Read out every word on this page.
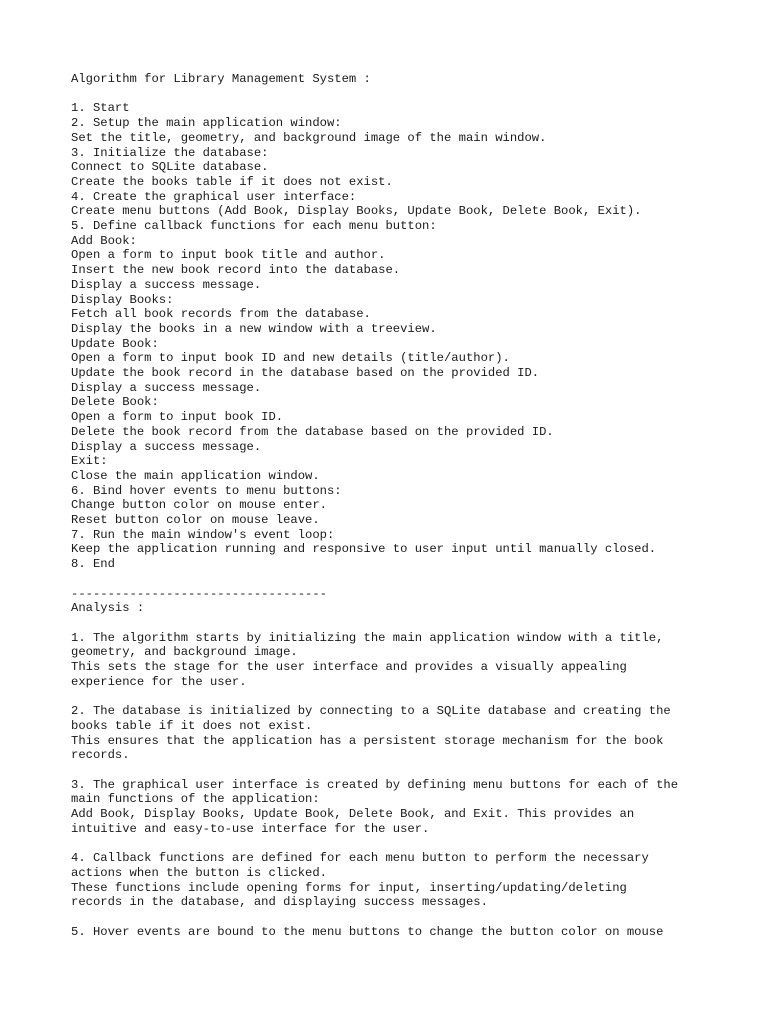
Algorithm for Library Management System :
1. Start
2. Setup the main application window:
Set the title, geometry, and background image of the main window.
3. Initialize the database:
Connect to SQLite database.
Create the books table if it does not exist.
4. Create the graphical user interface:
Create menu buttons (Add Book, Display Books, Update Book, Delete Book, Exit).
5. Define callback functions for each menu button:
Add Book:
Open a form to input book title and author.
Insert the new book record into the database.
Display a success message.
Display Books:
Fetch all book records from the database.
Display the books in a new window with a treeview.
Update Book:
Open a form to input book ID and new details (title/author).
Update the book record in the database based on the provided ID.
Display a success message.
Delete Book:
Open a form to input book ID.
Delete the book record from the database based on the provided ID.
Display a success message.
Exit:
Close the main application window.
6. Bind hover events to menu buttons:
Change button color on mouse enter.
Reset button color on mouse leave.
7. Run the main window's event loop:
Keep the application running and responsive to user input until manually closed.
8. End
-----------------------------------
Analysis :
1. The algorithm starts by initializing the main application window with a title,
geometry, and background image.
This sets the stage for the user interface and provides a visually appealing
experience for the user.
2. The database is initialized by connecting to a SQLite database and creating the
books table if it does not exist.
This ensures that the application has a persistent storage mechanism for the book
records.
3. The graphical user interface is created by defining menu buttons for each of the
main functions of the application:
Add Book, Display Books, Update Book, Delete Book, and Exit. This provides an
intuitive and easy-to-use interface for the user.
4. Callback functions are defined for each menu button to perform the necessary
actions when the button is clicked.
These functions include opening forms for input, inserting/updating/deleting
records in the database, and displaying success messages.
5. Hover events are bound to the menu buttons to change the button color on mouse
